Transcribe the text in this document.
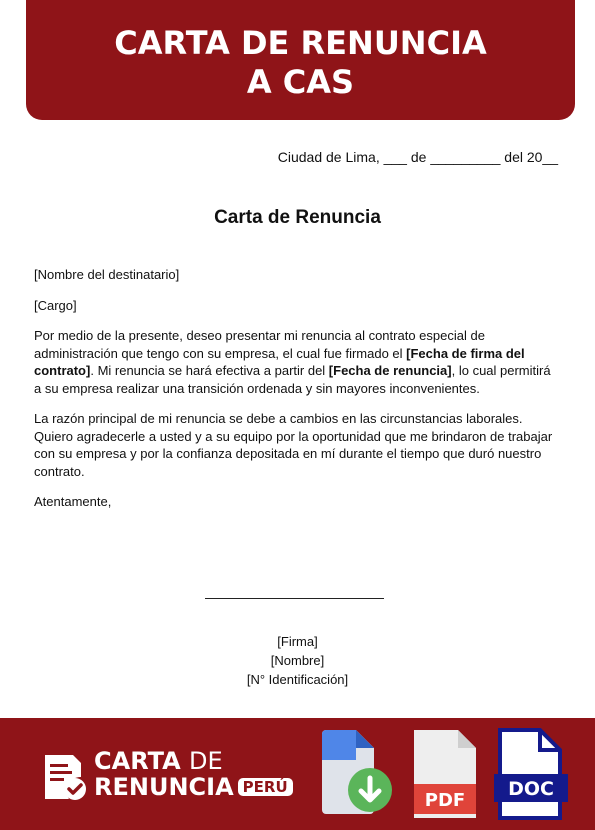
CARTA DE RENUNCIA
A CAS
Ciudad de Lima, ___ de _________ del 20__
Carta de Renuncia

[Nombre del destinatario]

[Cargo]

Por medio de la presente, deseo presentar mi renuncia al contrato especial de administración que tengo con su empresa, el cual fue firmado el [Fecha de firma del contrato]. Mi renuncia se hará efectiva a partir del [Fecha de renuncia], lo cual permitirá a su empresa realizar una transición ordenada y sin mayores inconvenientes.

La razón principal de mi renuncia se debe a cambios en las circunstancias laborales. Quiero agradecerle a usted y a su equipo por la oportunidad que me brindaron de trabajar con su empresa y por la confianza depositada en mí durante el tiempo que duró nuestro contrato.

Atentamente,

[Firma]
[Nombre]
[N° Identificación]
CARTA DE
RENUNCIA PERÚ
PDF
DOC
